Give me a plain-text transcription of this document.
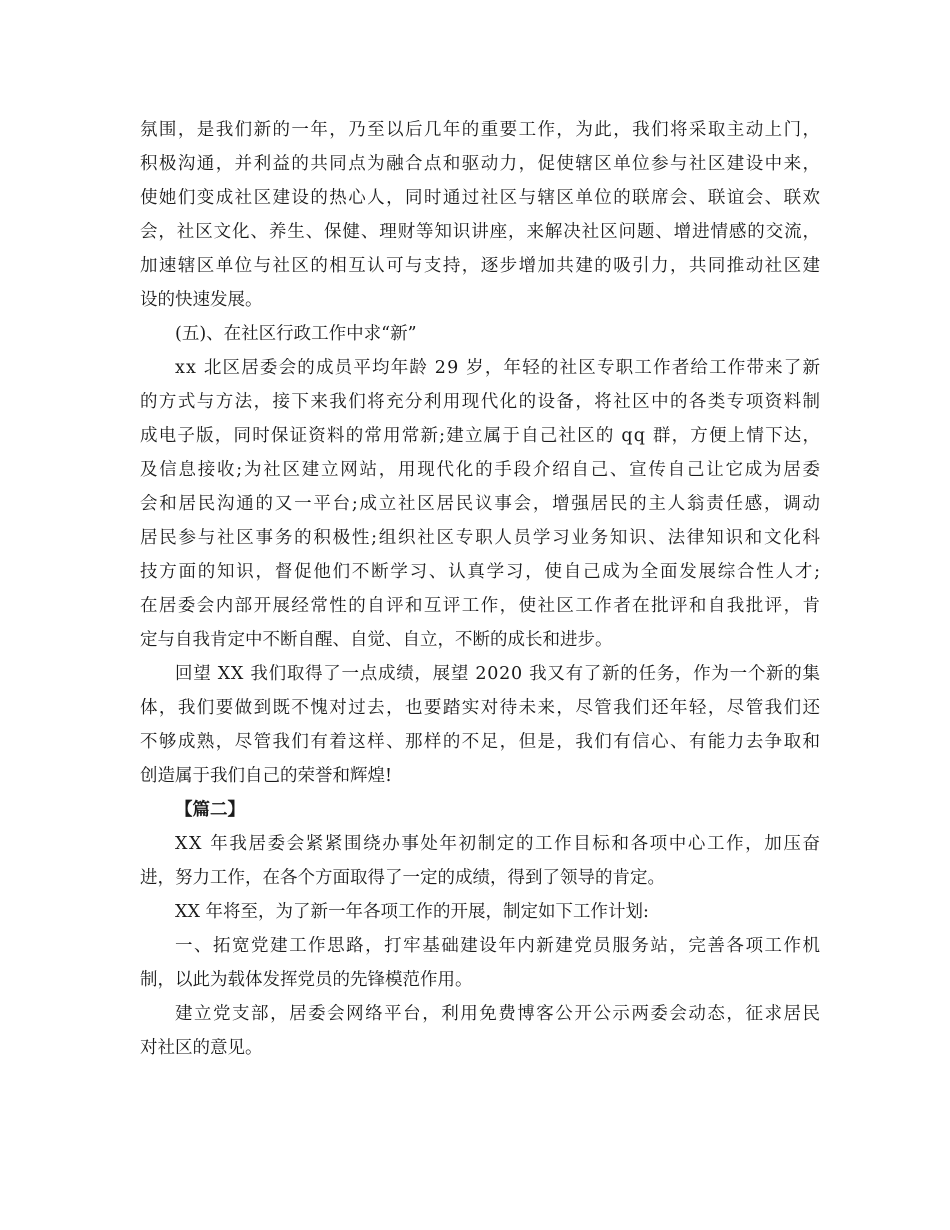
氛围，是我们新的一年，乃至以后几年的重要工作，为此，我们将采取主动上门，
积极沟通，并利益的共同点为融合点和驱动力，促使辖区单位参与社区建设中来，
使她们变成社区建设的热心人，同时通过社区与辖区单位的联席会、联谊会、联欢
会，社区文化、养生、保健、理财等知识讲座，来解决社区问题、增进情感的交流，
加速辖区单位与社区的相互认可与支持，逐步增加共建的吸引力，共同推动社区建
设的快速发展。
(五)、在社区行政工作中求“新”
xx 北区居委会的成员平均年龄 29 岁，年轻的社区专职工作者给工作带来了新
的方式与方法，接下来我们将充分利用现代化的设备，将社区中的各类专项资料制
成电子版，同时保证资料的常用常新;建立属于自己社区的 qq 群，方便上情下达，
及信息接收;为社区建立网站，用现代化的手段介绍自己、宣传自己让它成为居委
会和居民沟通的又一平台;成立社区居民议事会，增强居民的主人翁责任感，调动
居民参与社区事务的积极性;组织社区专职人员学习业务知识、法律知识和文化科
技方面的知识，督促他们不断学习、认真学习，使自己成为全面发展综合性人才;
在居委会内部开展经常性的自评和互评工作，使社区工作者在批评和自我批评，肯
定与自我肯定中不断自醒、自觉、自立，不断的成长和进步。
回望 XX 我们取得了一点成绩，展望 2020 我又有了新的任务，作为一个新的集
体，我们要做到既不愧对过去，也要踏实对待未来，尽管我们还年轻，尽管我们还
不够成熟，尽管我们有着这样、那样的不足，但是，我们有信心、有能力去争取和
创造属于我们自己的荣誉和辉煌!
【篇二】
XX 年我居委会紧紧围绕办事处年初制定的工作目标和各项中心工作，加压奋
进，努力工作，在各个方面取得了一定的成绩，得到了领导的肯定。
XX 年将至，为了新一年各项工作的开展，制定如下工作计划:
一、拓宽党建工作思路，打牢基础建设年内新建党员服务站，完善各项工作机
制，以此为载体发挥党员的先锋模范作用。
建立党支部，居委会网络平台，利用免费博客公开公示两委会动态，征求居民
对社区的意见。
